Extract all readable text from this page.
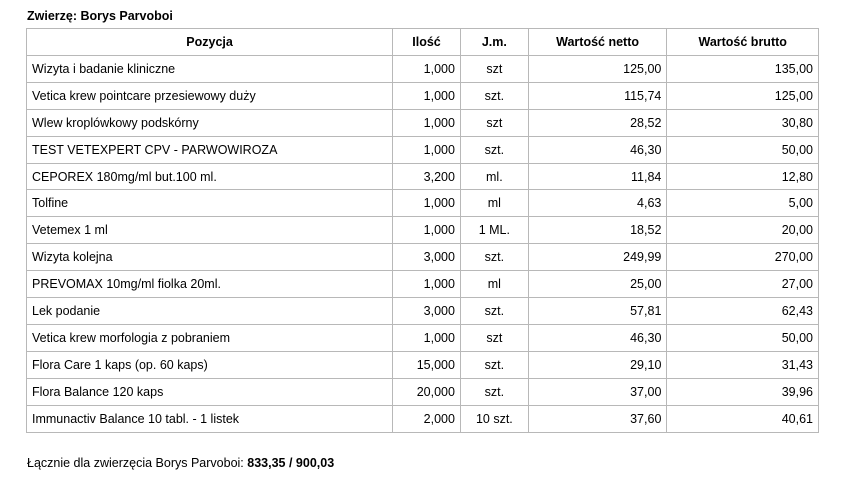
Zwierzę: Borys Parvoboi
Pozycja	Ilość	J.m.	Wartość netto	Wartość brutto
Wizyta i badanie kliniczne	1,000	szt	125,00	135,00
Vetica krew pointcare przesiewowy duży	1,000	szt.	115,74	125,00
Wlew kroplówkowy podskórny	1,000	szt	28,52	30,80
TEST VETEXPERT CPV - PARWOWIROZA	1,000	szt.	46,30	50,00
CEPOREX 180mg/ml but.100 ml.	3,200	ml.	11,84	12,80
Tolfine	1,000	ml	4,63	5,00
Vetemex 1 ml	1,000	1 ML.	18,52	20,00
Wizyta kolejna	3,000	szt.	249,99	270,00
PREVOMAX 10mg/ml fiolka 20ml.	1,000	ml	25,00	27,00
Lek podanie	3,000	szt.	57,81	62,43
Vetica krew morfologia z pobraniem	1,000	szt	46,30	50,00
Flora Care 1 kaps (op. 60 kaps)	15,000	szt.	29,10	31,43
Flora Balance 120 kaps	20,000	szt.	37,00	39,96
Immunactiv Balance 10 tabl. - 1 listek	2,000	10 szt.	37,60	40,61
Łącznie dla zwierzęcia Borys Parvoboi: 833,35 / 900,03
